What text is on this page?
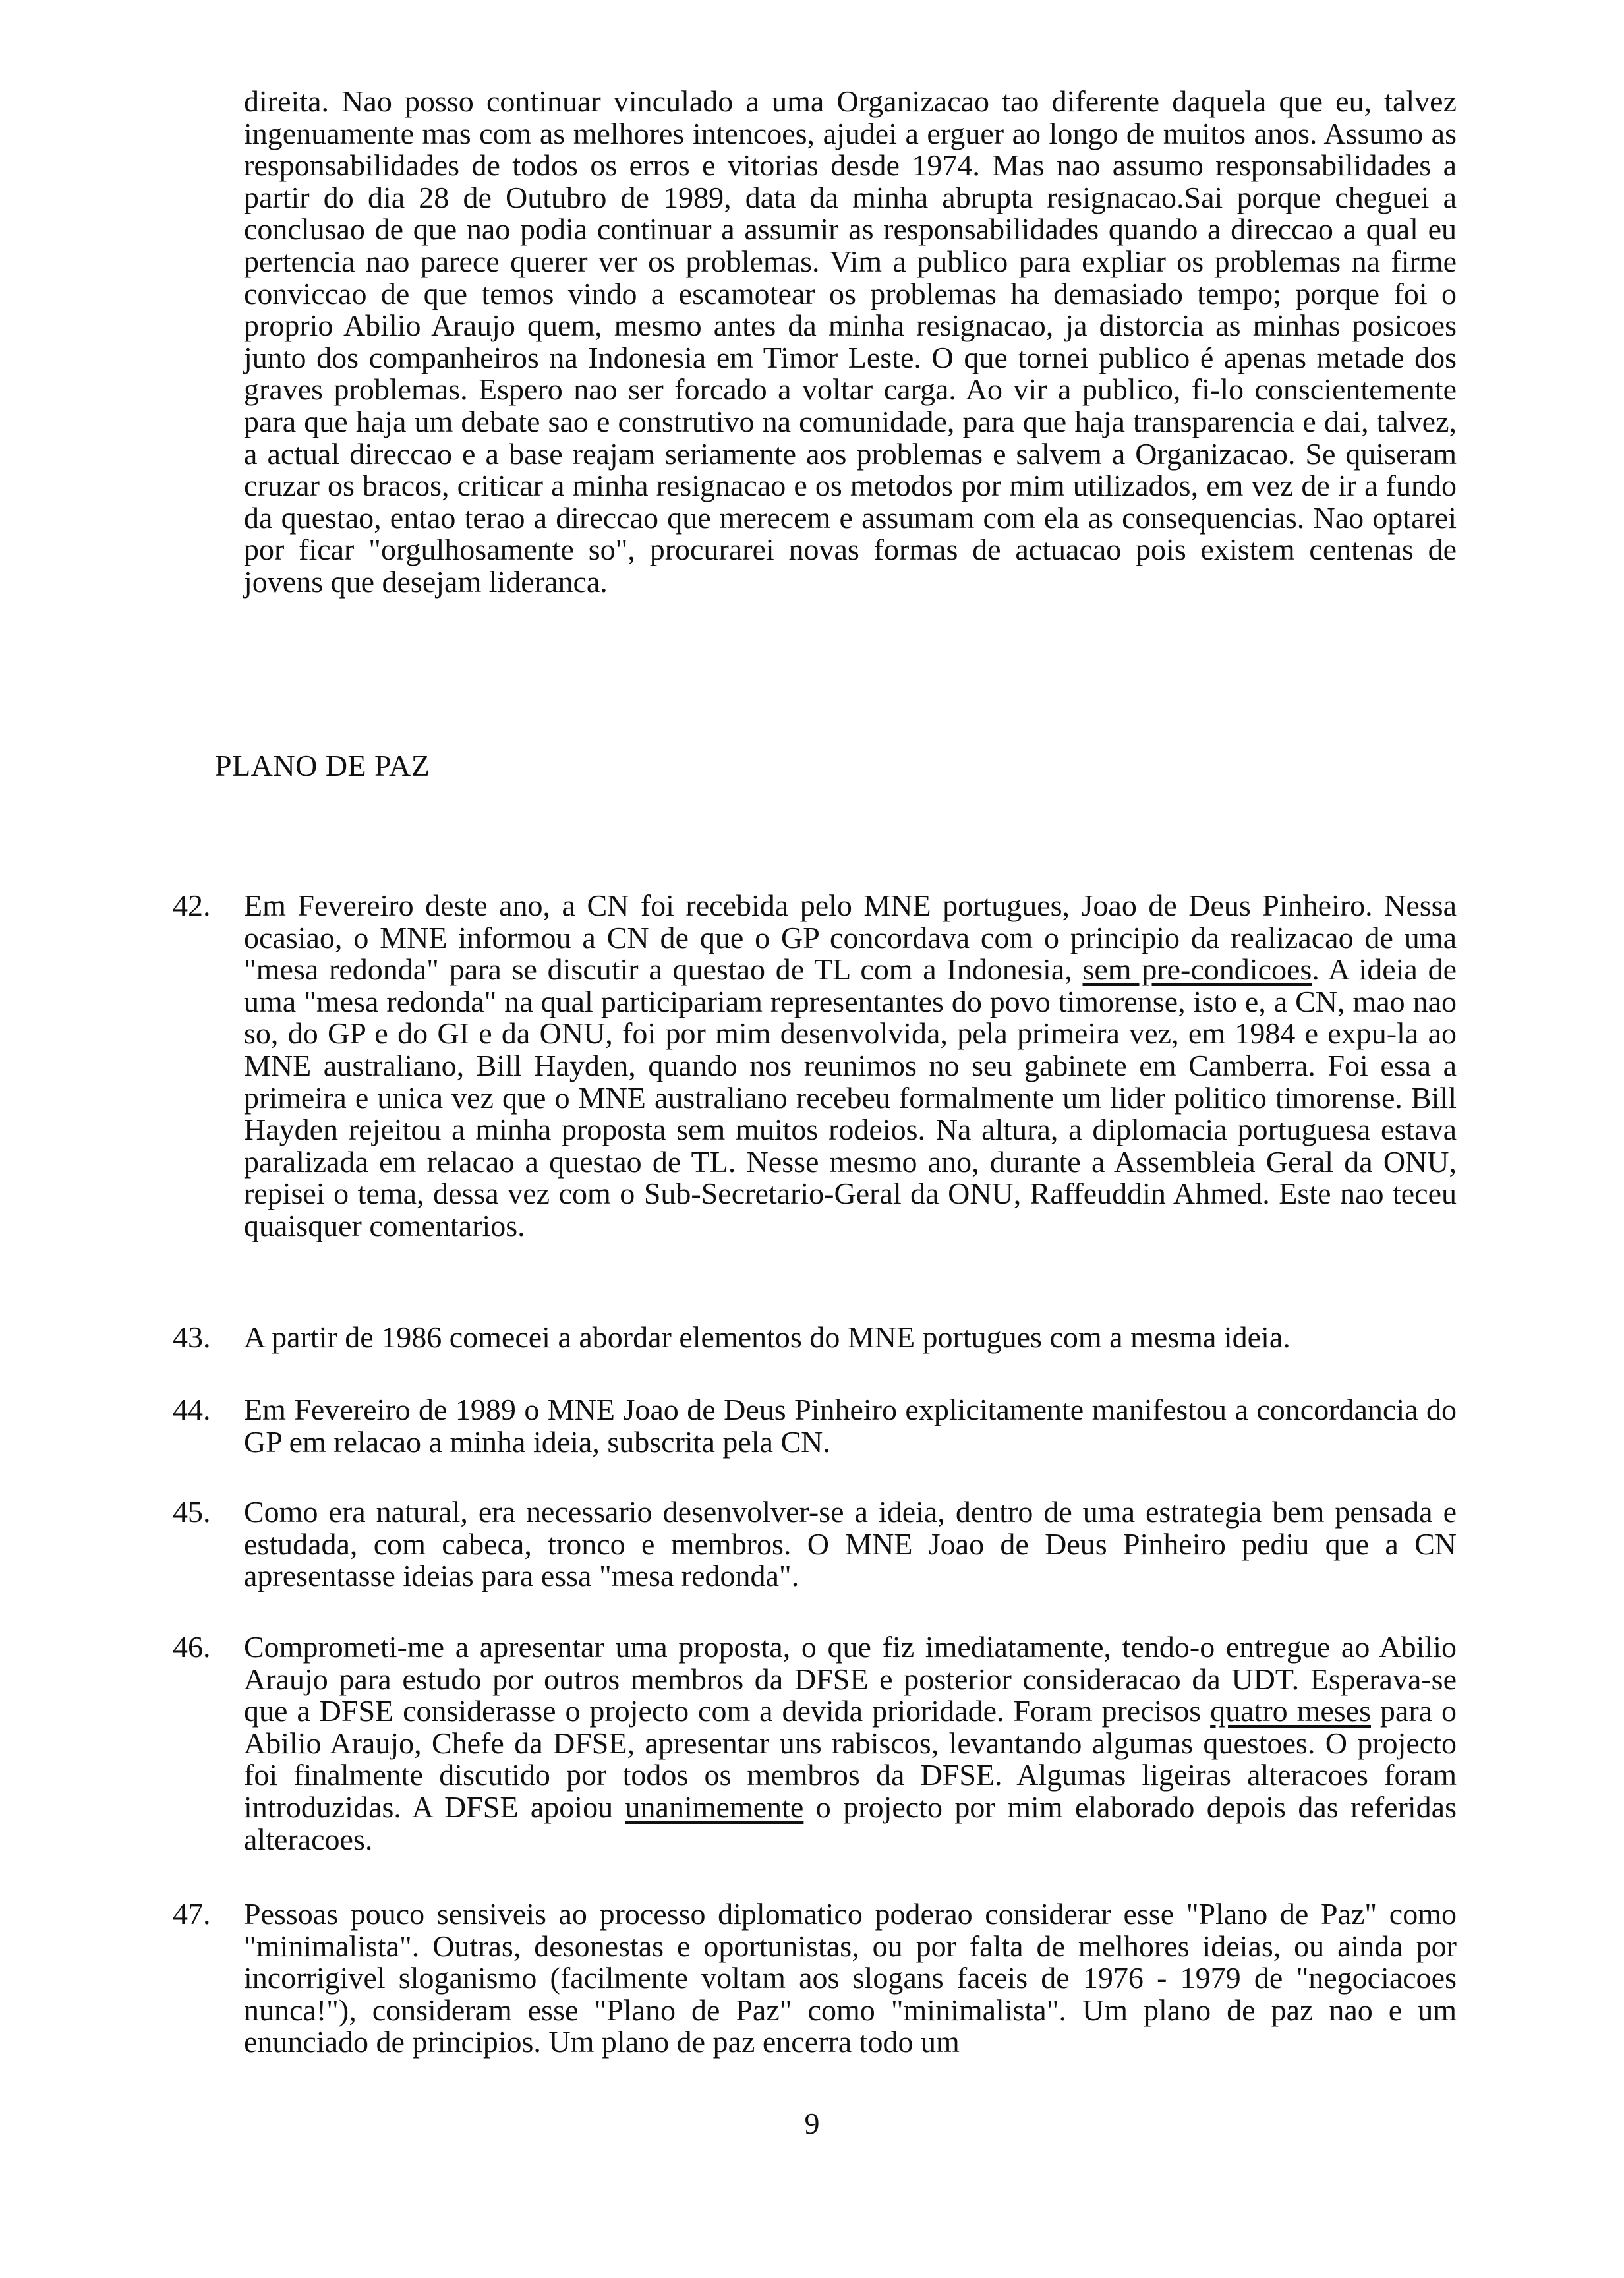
direita. Nao posso continuar vinculado a uma Organizacao tao diferente daquela que eu, talvez ingenuamente mas com as melhores intencoes, ajudei a erguer ao longo de muitos anos. Assumo as responsabilidades de todos os erros e vitorias desde 1974. Mas nao assumo responsabilidades a partir do dia 28 de Outubro de 1989, data da minha abrupta resignacao.Sai porque cheguei a conclusao de que nao podia continuar a assumir as responsabilidades quando a direccao a qual eu pertencia nao parece querer ver os problemas. Vim a publico para expliar os problemas na firme conviccao de que temos vindo a escamotear os problemas ha demasiado tempo; porque foi o proprio Abilio Araujo quem, mesmo antes da minha resignacao, ja distorcia as minhas posicoes junto dos companheiros na Indonesia em Timor Leste. O que tornei publico é apenas metade dos graves problemas. Espero nao ser forcado a voltar carga. Ao vir a publico, fi-lo conscientemente para que haja um debate sao e construtivo na comunidade, para que haja transparencia e dai, talvez, a actual direccao e a base reajam seriamente aos problemas e salvem a Organizacao. Se quiseram cruzar os bracos, criticar a minha resignacao e os metodos por mim utilizados, em vez de ir a fundo da questao, entao terao a direccao que merecem e assumam com ela as consequencias. Nao optarei por ficar "orgulhosamente so", procurarei novas formas de actuacao pois existem centenas de jovens que desejam lideranca.

PLANO DE PAZ
42. Em Fevereiro deste ano, a CN foi recebida pelo MNE portugues, Joao de Deus Pinheiro. Nessa ocasiao, o MNE informou a CN de que o GP concordava com o principio da realizacao de uma "mesa redonda" para se discutir a questao de TL com a Indonesia, sem pre-condicoes. A ideia de uma "mesa redonda" na qual participariam representantes do povo timorense, isto e, a CN, mao nao so, do GP e do GI e da ONU, foi por mim desenvolvida, pela primeira vez, em 1984 e expu-la ao MNE australiano, Bill Hayden, quando nos reunimos no seu gabinete em Camberra. Foi essa a primeira e unica vez que o MNE australiano recebeu formalmente um lider politico timorense. Bill Hayden rejeitou a minha proposta sem muitos rodeios. Na altura, a diplomacia portuguesa estava paralizada em relacao a questao de TL. Nesse mesmo ano, durante a Assembleia Geral da ONU, repisei o tema, dessa vez com o Sub-Secretario-Geral da ONU, Raffeuddin Ahmed. Este nao teceu quaisquer comentarios.

43. A partir de 1986 comecei a abordar elementos do MNE portugues com a mesma ideia.

44. Em Fevereiro de 1989 o MNE Joao de Deus Pinheiro explicitamente manifestou a concordancia do GP em relacao a minha ideia, subscrita pela CN.

45. Como era natural, era necessario desenvolver-se a ideia, dentro de uma estrategia bem pensada e estudada, com cabeca, tronco e membros. O MNE Joao de Deus Pinheiro pediu que a CN apresentasse ideias para essa "mesa redonda".

46. Comprometi-me a apresentar uma proposta, o que fiz imediatamente, tendo-o entregue ao Abilio Araujo para estudo por outros membros da DFSE e posterior consideracao da UDT. Esperava-se que a DFSE considerasse o projecto com a devida prioridade. Foram precisos quatro meses para o Abilio Araujo, Chefe da DFSE, apresentar uns rabiscos, levantando algumas questoes. O projecto foi finalmente discutido por todos os membros da DFSE. Algumas ligeiras alteracoes foram introduzidas. A DFSE apoiou unanimemente o projecto por mim elaborado depois das referidas alteracoes.

47. Pessoas pouco sensiveis ao processo diplomatico poderao considerar esse "Plano de Paz" como "minimalista". Outras, desonestas e oportunistas, ou por falta de melhores ideias, ou ainda por incorrigivel sloganismo (facilmente voltam aos slogans faceis de 1976 - 1979 de "negociacoes nunca!"), consideram esse "Plano de Paz" como "minimalista". Um plano de paz nao e um enunciado de principios. Um plano de paz encerra todo um

9
